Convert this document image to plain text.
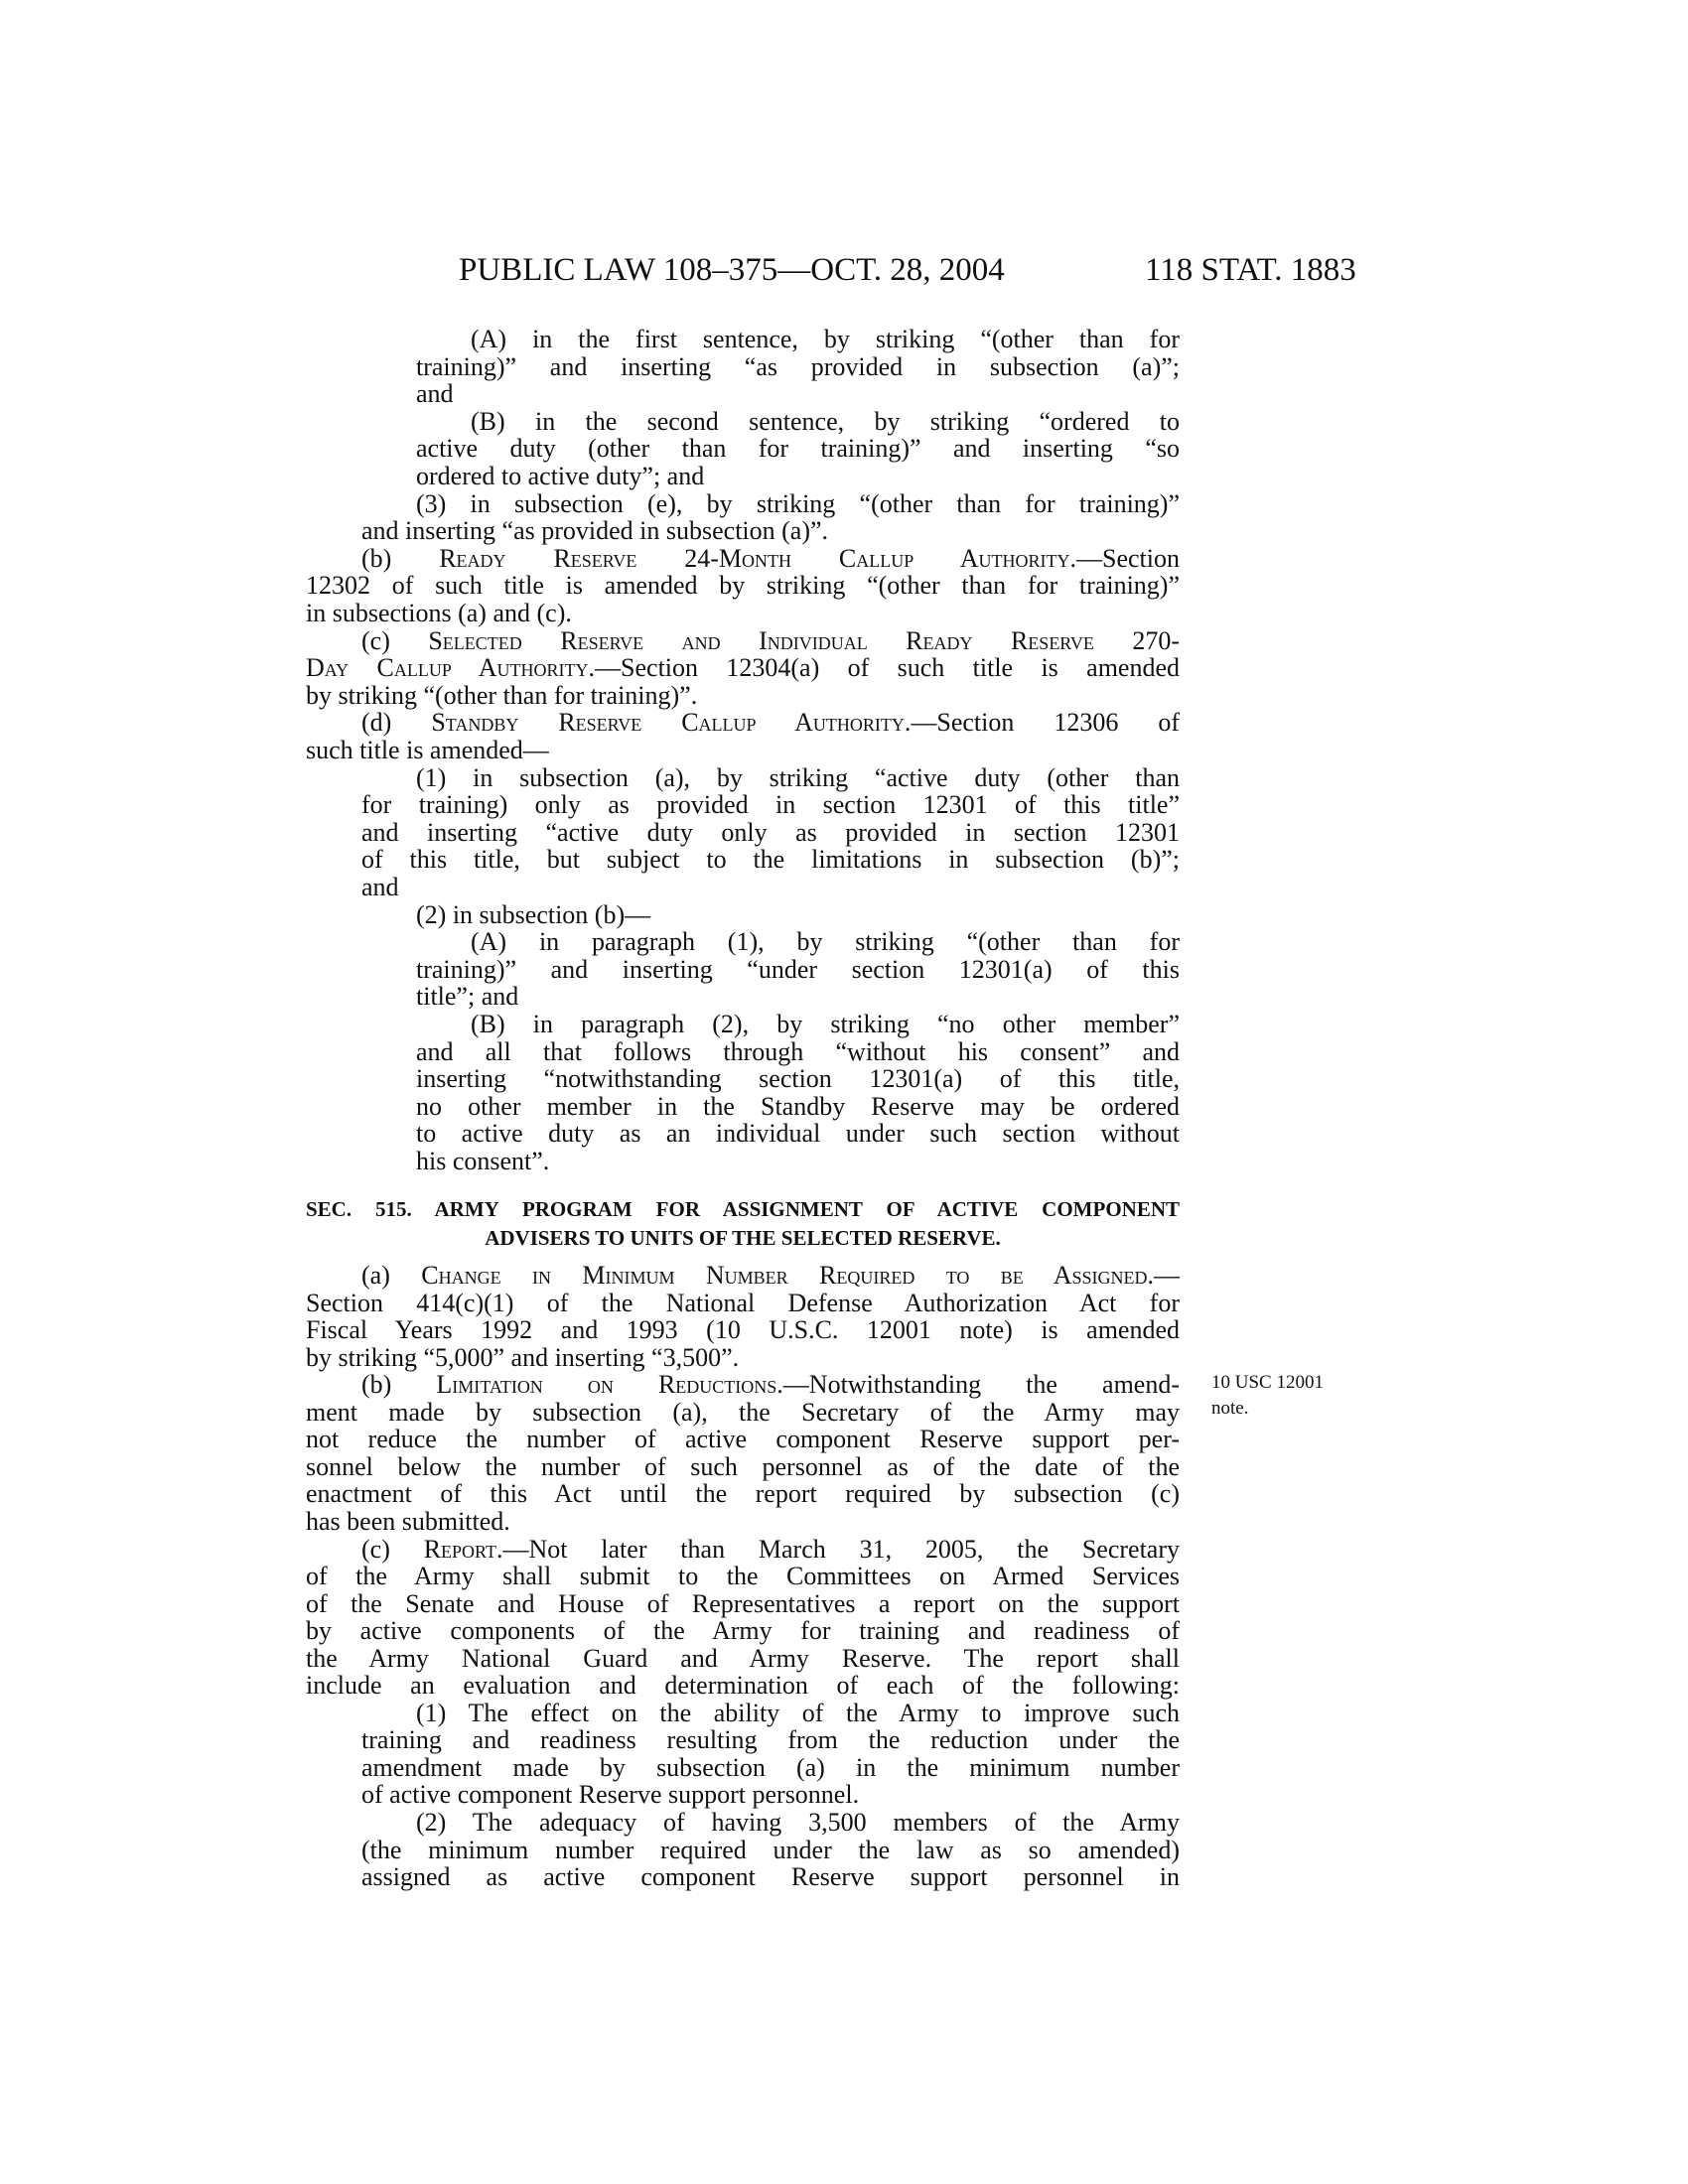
PUBLIC LAW 108–375—OCT. 28, 2004	118 STAT. 1883
(A) in the first sentence, by striking “(other than for
training)” and inserting “as provided in subsection (a)”;
and
(B) in the second sentence, by striking “ordered to
active duty (other than for training)” and inserting “so
ordered to active duty”; and
(3) in subsection (e), by striking “(other than for training)”
and inserting “as provided in subsection (a)”.
(b) Ready Reserve 24-Month Callup Authority.—Section
12302 of such title is amended by striking “(other than for training)”
in subsections (a) and (c).
(c) Selected Reserve and Individual Ready Reserve 270-
Day Callup Authority.—Section 12304(a) of such title is amended
by striking “(other than for training)”.
(d) Standby Reserve Callup Authority.—Section 12306 of
such title is amended—
(1) in subsection (a), by striking “active duty (other than
for training) only as provided in section 12301 of this title”
and inserting “active duty only as provided in section 12301
of this title, but subject to the limitations in subsection (b)”;
and
(2) in subsection (b)—
(A) in paragraph (1), by striking “(other than for
training)” and inserting “under section 12301(a) of this
title”; and
(B) in paragraph (2), by striking “no other member”
and all that follows through “without his consent” and
inserting “notwithstanding section 12301(a) of this title,
no other member in the Standby Reserve may be ordered
to active duty as an individual under such section without
his consent”.
SEC. 515. ARMY PROGRAM FOR ASSIGNMENT OF ACTIVE COMPONENT
ADVISERS TO UNITS OF THE SELECTED RESERVE.
(a) Change in Minimum Number Required to be Assigned.—
Section 414(c)(1) of the National Defense Authorization Act for
Fiscal Years 1992 and 1993 (10 U.S.C. 12001 note) is amended
by striking “5,000” and inserting “3,500”.
(b) Limitation on Reductions.—Notwithstanding the amend-
ment made by subsection (a), the Secretary of the Army may
not reduce the number of active component Reserve support per-
sonnel below the number of such personnel as of the date of the
enactment of this Act until the report required by subsection (c)
has been submitted.
(c) Report.—Not later than March 31, 2005, the Secretary
of the Army shall submit to the Committees on Armed Services
of the Senate and House of Representatives a report on the support
by active components of the Army for training and readiness of
the Army National Guard and Army Reserve. The report shall
include an evaluation and determination of each of the following:
(1) The effect on the ability of the Army to improve such
training and readiness resulting from the reduction under the
amendment made by subsection (a) in the minimum number
of active component Reserve support personnel.
(2) The adequacy of having 3,500 members of the Army
(the minimum number required under the law as so amended)
assigned as active component Reserve support personnel in
10 USC 12001
note.
